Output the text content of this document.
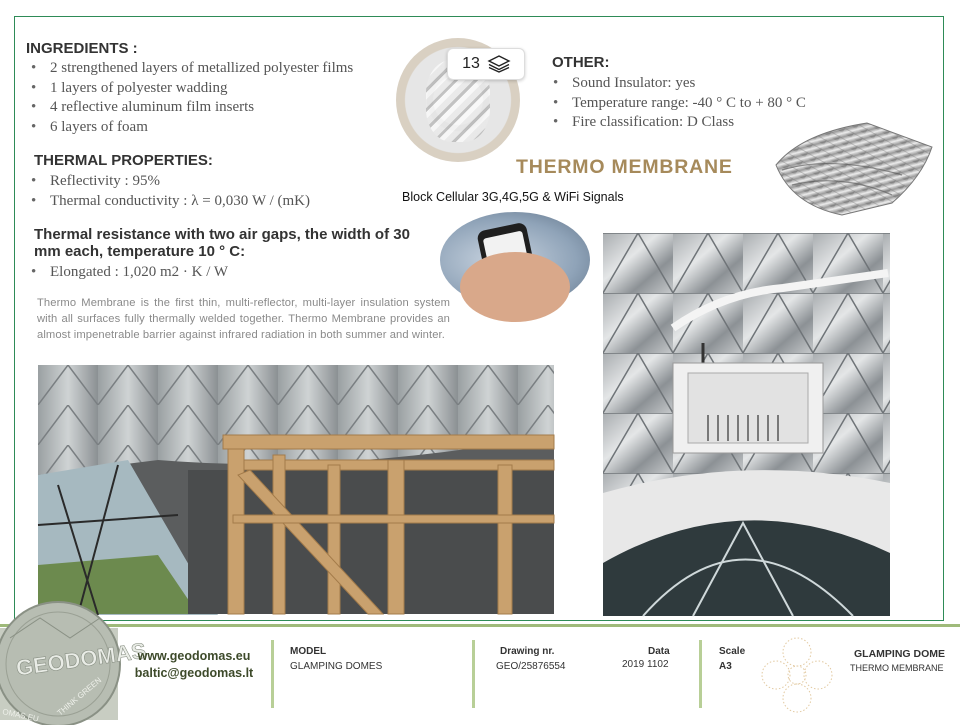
INGREDIENTS :
• 2 strengthened layers of metallized polyester films
• 1 layers of polyester wadding
• 4 reflective aluminum film inserts
• 6 layers of foam
THERMAL PROPERTIES:
• Reflectivity : 95%
• Thermal conductivity : λ = 0,030 W / (mK)
Thermal resistance with two air gaps, the width of 30 mm each, temperature 10 ° C:
• Elongated : 1,020 m2 · K / W
Thermo Membrane is the first thin, multi-reflector, multi-layer insulation system with all surfaces fully thermally welded together. Thermo Membrane provides an almost impenetrable barrier against infrared radiation in both summer and winter.
13	OTHER:
• Sound Insulator: yes
• Temperature range: -40 ° C to + 80 ° C
• Fire classification: D Class
THERMO MEMBRANE
Block Cellular 3G,4G,5G & WiFi Signals
GEODOMAS
THINK GREEN
OMAS.EU
www.geodomas.eu
baltic@geodomas.lt
MODEL
GLAMPING DOMES
Drawing nr.
GEO/25876554
Data
2019 1102
Scale
A3
GLAMPING DOME
THERMO MEMBRANE
